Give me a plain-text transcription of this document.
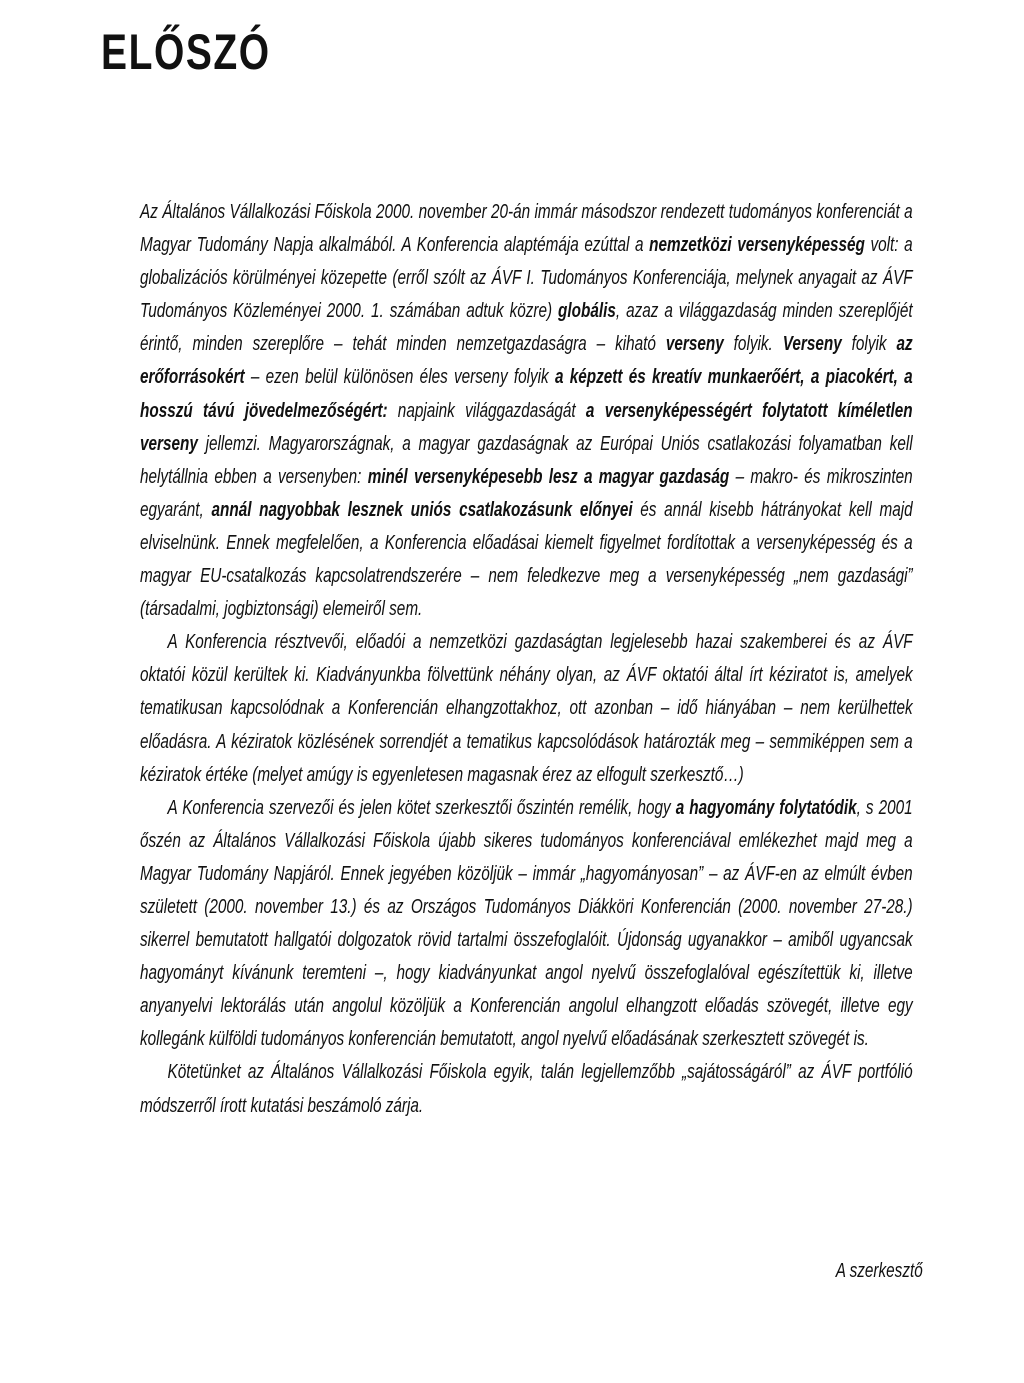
ELŐSZÓ

Az Általános Vállalkozási Főiskola 2000. november 20-án immár másodszor rendezett tudományos konferenciát a Magyar Tudomány Napja alkalmából. A Konferencia alaptémája ezúttal a nemzetközi versenyképesség volt: a globalizációs körülményei közepette (erről szólt az ÁVF I. Tudományos Konferenciája, melynek anyagait az ÁVF Tudományos Közleményei 2000. 1. számában adtuk közre) globális, azaz a világgazdaság minden szereplőjét érintő, minden szereplőre – tehát minden nemzetgazdaságra – kiható verseny folyik. Verseny folyik az erőforrásokért – ezen belül különösen éles verseny folyik a képzett és kreatív munkaerőért, a piacokért, a hosszú távú jövedelmezőségért: napjaink világgazdaságát a versenyképességért folytatott kíméletlen verseny jellemzi. Magyarországnak, a magyar gazdaságnak az Európai Uniós csatlakozási folyamatban kell helytállnia ebben a versenyben: minél versenyképesebb lesz a magyar gazdaság – makro- és mikroszinten egyaránt, annál nagyobbak lesznek uniós csatlakozásunk előnyei és annál kisebb hátrányokat kell majd elviselnünk. Ennek megfelelően, a Konferencia előadásai kiemelt figyelmet fordítottak a versenyképesség és a magyar EU-csatalkozás kapcsolatrendszerére – nem feledkezve meg a versenyképesség „nem gazdasági” (társadalmi, jogbiztonsági) elemeiről sem.

A Konferencia résztvevői, előadói a nemzetközi gazdaságtan legjelesebb hazai szakemberei és az ÁVF oktatói közül kerültek ki. Kiadványunkba fölvettünk néhány olyan, az ÁVF oktatói által írt kéziratot is, amelyek tematikusan kapcsolódnak a Konferencián elhangzottakhoz, ott azonban – idő hiányában – nem kerülhettek előadásra. A kéziratok közlésének sorrendjét a tematikus kapcsolódások határozták meg – semmiképpen sem a kéziratok értéke (melyet amúgy is egyenletesen magasnak érez az elfogult szerkesztő…)

A Konferencia szervezői és jelen kötet szerkesztői őszintén remélik, hogy a hagyomány folytatódik, s 2001 őszén az Általános Vállalkozási Főiskola újabb sikeres tudományos konferenciával emlékezhet majd meg a Magyar Tudomány Napjáról. Ennek jegyében közöljük – immár „hagyományosan” – az ÁVF-en az elmúlt évben született (2000. november 13.) és az Országos Tudományos Diákköri Konferencián (2000. november 27-28.) sikerrel bemutatott hallgatói dolgozatok rövid tartalmi összefoglalóit. Újdonság ugyanakkor – amiből ugyancsak hagyományt kívánunk teremteni –, hogy kiadványunkat angol nyelvű összefoglalóval egészítettük ki, illetve anyanyelvi lektorálás után angolul közöljük a Konferencián angolul elhangzott előadás szövegét, illetve egy kollegánk külföldi tudományos konferencián bemutatott, angol nyelvű előadásának szerkesztett szövegét is.

Kötetünket az Általános Vállalkozási Főiskola egyik, talán legjellemzőbb „sajátosságáról” az ÁVF portfólió módszerről írott kutatási beszámoló zárja.

A szerkesztő
